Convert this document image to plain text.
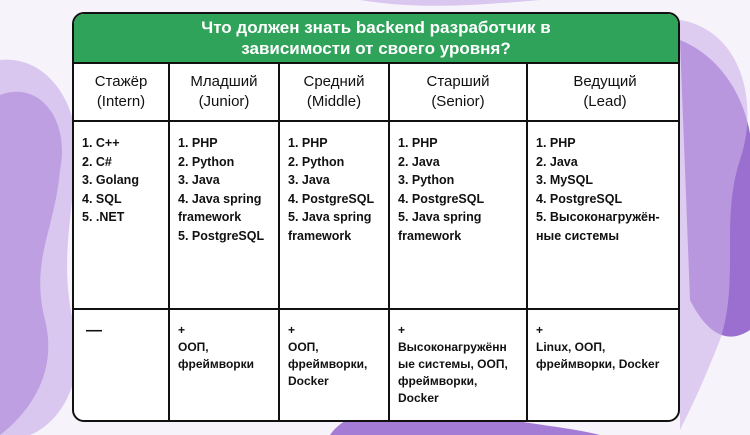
Что должен знать backend разработчик в зависимости от своего уровня?
Стажёр
(Intern)
1. C++
2. C#
3. Golang
4. SQL
5. .NET
—
Младший
(Junior)
1. PHP
2. Python
3. Java
4. Java spring
framework
5. PostgreSQL
+
ООП,
фреймворки
Средний
(Middle)
1. PHP
2. Python
3. Java
4. PostgreSQL
5. Java spring
framework
+
ООП,
фреймворки,
Docker
Старший
(Senior)
1. PHP
2. Java
3. Python
4. PostgreSQL
5. Java spring
framework
+
Высоконагружённ
ые системы, ООП,
фреймворки,
Docker
Ведущий
(Lead)
1. PHP
2. Java
3. MySQL
4. PostgreSQL
5. Высоконагружён-
ные системы
+
Linux, ООП,
фреймворки, Docker
